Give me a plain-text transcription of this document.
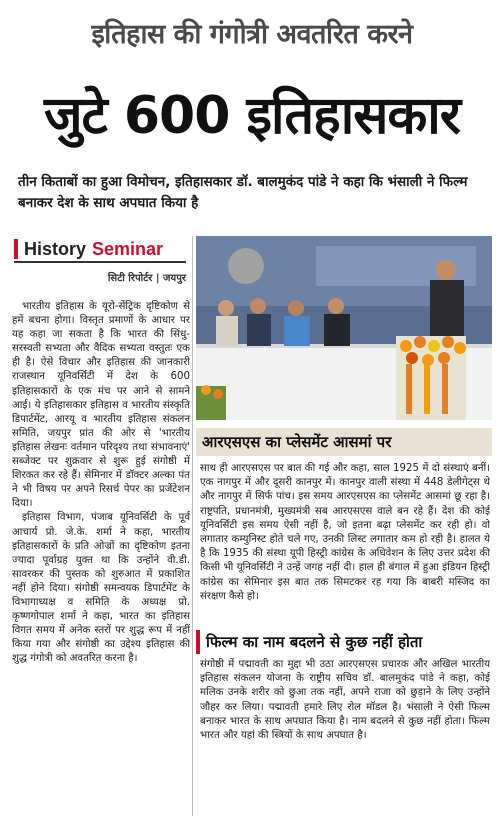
इतिहास की गंगोत्री अवतरित करने
जुटे 600 इतिहासकार
तीन किताबों का हुआ विमोचन, इतिहासकार डॉ. बालमुकंद पांडे ने कहा कि भंसाली ने फिल्म बनाकर देश के साथ अपघात किया है
History Seminar
सिटी रिपोर्टर | जयपुर

भारतीय इतिहास के यूरो-सेंट्रिक दृष्टिकोण से हमें बचना होगा। विस्तृत प्रमाणों के आधार पर यह कहा जा सकता है कि भारत की सिंधु-सरस्वती सभ्यता और वैदिक सभ्यता वस्तुतः एक ही है। ऐसे विचार और इतिहास की जानकारी राजस्थान यूनिवर्सिटी में देश के 600 इतिहासकारों के एक मंच पर आने से सामने आई। ये इतिहासकार इतिहास व भारतीय संस्कृति डिपार्टमेंट, आरयू व भारतीय इतिहास संकलन समिति, जयपुर प्रांत की ओर से 'भारतीय इतिहास लेखनः वर्तमान परिदृश्य तथा संभावनाएं' सब्जेक्ट पर शुक्रवार से शुरू हुई संगोष्ठी में शिरकत कर रहे हैं। सेमिनार में डॉक्टर अल्का पंत ने भी विषय पर अपने रिसर्च पेपर का प्रजेंटेशन दिया।

इतिहास विभाग, पंजाब यूनिवर्सिटी के पूर्व आचार्य प्रो. जे.के. शर्मा ने कहा, भारतीय इतिहासकारों के प्रति ओज्रों का दृष्टिकोण इतना ज्यादा पूर्वाग्रह युक्त था कि उन्होंने वी.डी. सावरकर की पुस्तक को शुरुआत में प्रकाशित नहीं होने दिया। संगोष्ठी समन्वयक डिपार्टमेंट के विभागाध्यक्ष व समिति के अध्यक्ष प्रो. कृष्णगोपाल शर्मा ने कहा, भारत का इतिहास विगत समय में अनेक स्तरों पर शुद्ध रूप में नहीं किया गया और संगोष्ठी का उद्देश्य इतिहास की शुद्ध गंगोत्री को अवतरित करना है।

आरएसएस का प्लेसमेंट आसमां पर
साथ ही आरएसएस पर बात की गई और कहा, साल 1925 में दो संस्थाएं बनीं। एक नागपुर में और दूसरी कानपुर में। कानपुर वाली संस्था में 448 डेलीगेट्स थे और नागपुर में सिर्फ पांच। इस समय आरएसएस का प्लेसमेंट आसमां छू रहा है। राष्ट्रपति, प्रधानमंत्री, मुख्यमंत्री सब आरएसएस वाले बन रहे हैं। देश की कोई यूनिवर्सिटी इस समय ऐसी नहीं है, जो इतना बढ़ा प्लेसमेंट कर रही हो। वो लगातार कम्युनिस्ट होते चले गए, उनकी लिस्ट लगातार कम हो रही है। हालत ये है कि 1935 की संस्था यूपी हिस्ट्री कांग्रेस के अधिवेशन के लिए उत्तर प्रदेश की किसी भी यूनिवर्सिटी ने उन्हें जगह नहीं दी। हाल ही बंगाल में हुआ इंडियन हिस्ट्री कांग्रेस का सेमिनार इस बात तक सिमटकर रह गया कि बाबरी मस्जिद का संरक्षण कैसे हो।
फिल्म का नाम बदलने से कुछ नहीं होता
संगोष्ठी में पद्मावती का मुद्दा भी उठा आरएसएस प्रचारक और अखिल भारतीय इतिहास संकलन योजना के राष्ट्रीय सचिव डॉ. बालमुकंद पांडे ने कहा, कोई मलिक उनके शरीर को छुआ तक नहीं, अपने राजा को छुड़ाने के लिए उन्होंने जौहर कर लिया। पद्मावती हमारे लिए रोल मॉडल है। भंसाली ने ऐसी फिल्म बनाकर भारत के साथ अपघात किया है। नाम बदलने से कुछ नहीं होता। फिल्म भारत और यहां की स्त्रियों के साथ अपघात है।
